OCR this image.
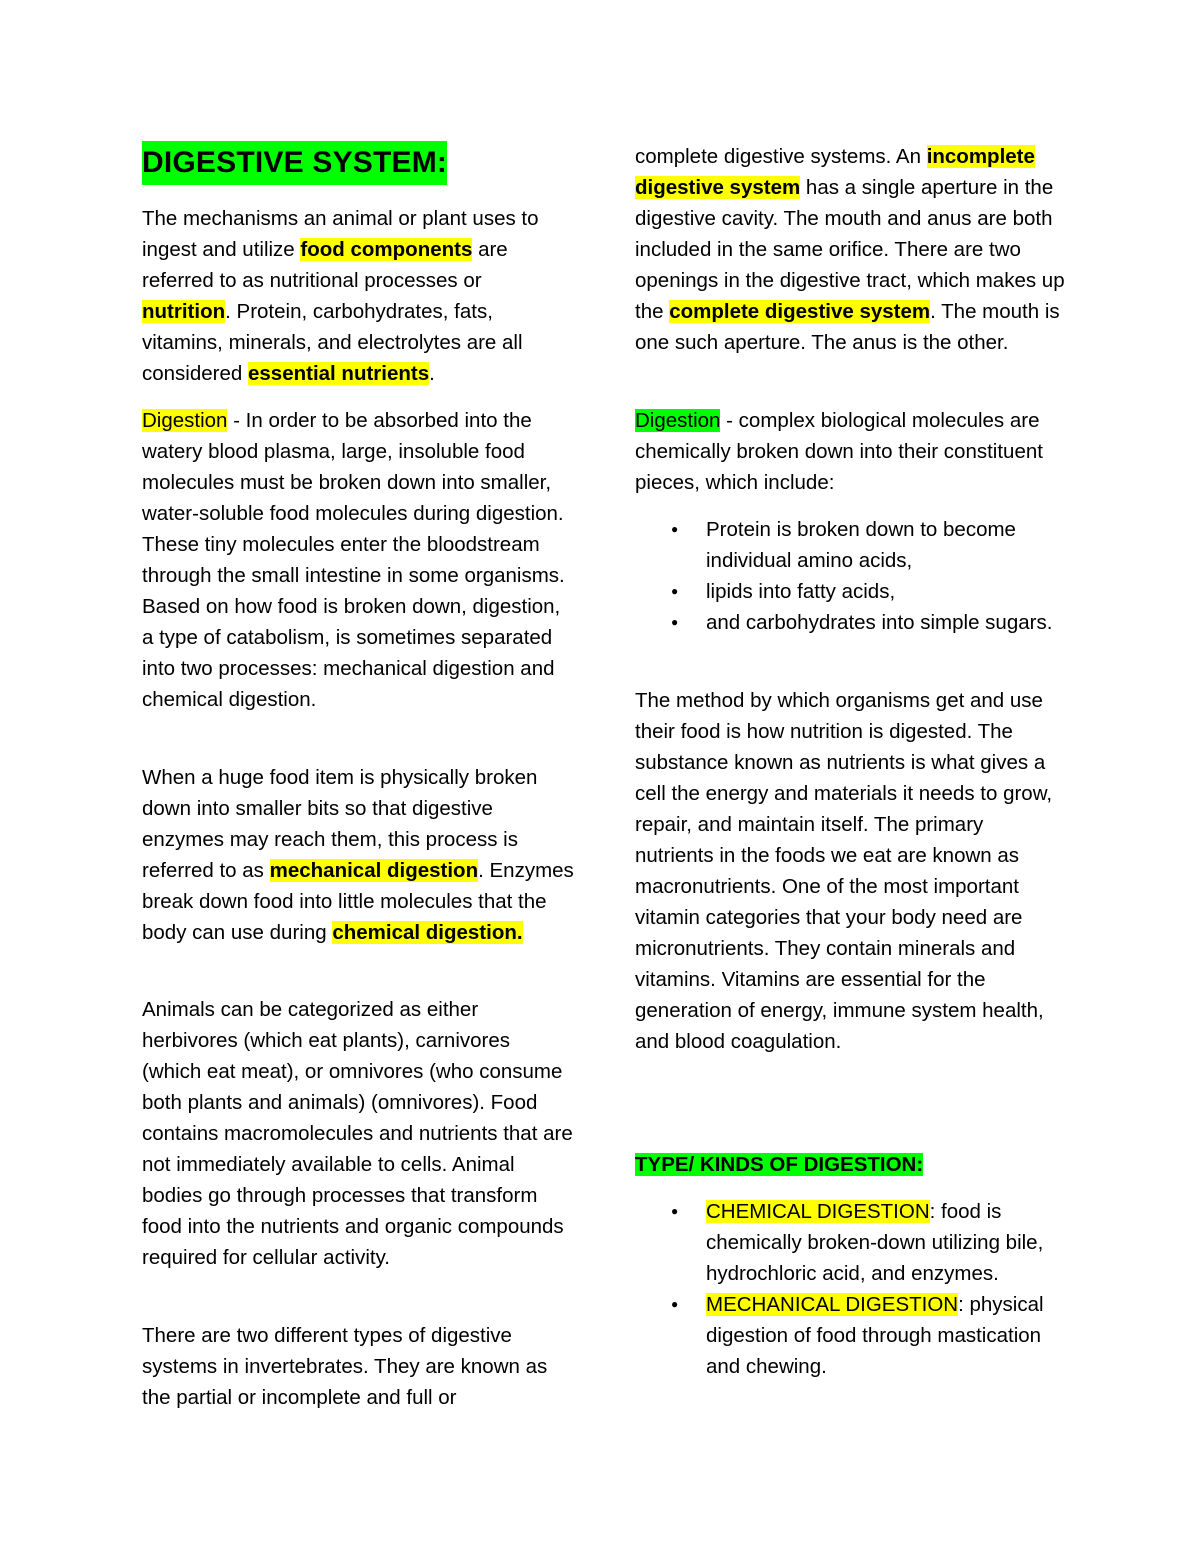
DIGESTIVE SYSTEM:

The mechanisms an animal or plant uses to ingest and utilize food components are referred to as nutritional processes or nutrition. Protein, carbohydrates, fats, vitamins, minerals, and electrolytes are all considered essential nutrients.

Digestion - In order to be absorbed into the watery blood plasma, large, insoluble food molecules must be broken down into smaller, water-soluble food molecules during digestion. These tiny molecules enter the bloodstream through the small intestine in some organisms. Based on how food is broken down, digestion, a type of catabolism, is sometimes separated into two processes: mechanical digestion and chemical digestion.

When a huge food item is physically broken down into smaller bits so that digestive enzymes may reach them, this process is referred to as mechanical digestion. Enzymes break down food into little molecules that the body can use during chemical digestion.

Animals can be categorized as either herbivores (which eat plants), carnivores (which eat meat), or omnivores (who consume both plants and animals) (omnivores). Food contains macromolecules and nutrients that are not immediately available to cells. Animal bodies go through processes that transform food into the nutrients and organic compounds required for cellular activity.

There are two different types of digestive systems in invertebrates. They are known as the partial or incomplete and full or

complete digestive systems. An incomplete digestive system has a single aperture in the digestive cavity. The mouth and anus are both included in the same orifice. There are two openings in the digestive tract, which makes up the complete digestive system. The mouth is one such aperture. The anus is the other.

Digestion - complex biological molecules are chemically broken down into their constituent pieces, which include:

● Protein is broken down to become individual amino acids,
● lipids into fatty acids,
● and carbohydrates into simple sugars.

The method by which organisms get and use their food is how nutrition is digested. The substance known as nutrients is what gives a cell the energy and materials it needs to grow, repair, and maintain itself. The primary nutrients in the foods we eat are known as macronutrients. One of the most important vitamin categories that your body need are micronutrients. They contain minerals and vitamins. Vitamins are essential for the generation of energy, immune system health, and blood coagulation.

TYPE/ KINDS OF DIGESTION:

● CHEMICAL DIGESTION: food is chemically broken-down utilizing bile, hydrochloric acid, and enzymes.
● MECHANICAL DIGESTION: physical digestion of food through mastication and chewing.
